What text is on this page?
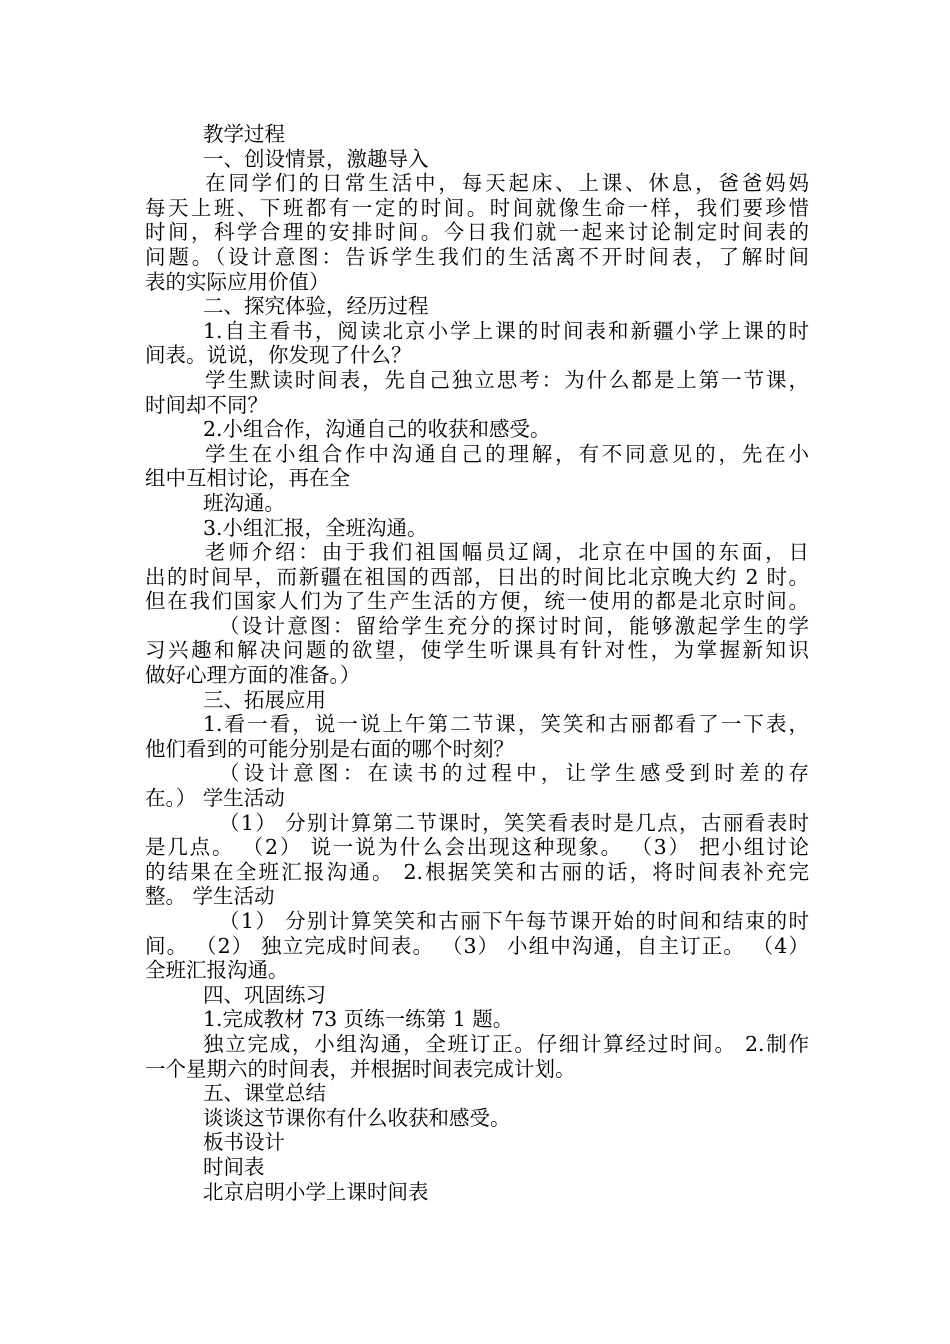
教学过程
一、创设情景，激趣导入
在同学们的日常生活中，每天起床、上课、休息，爸爸妈妈
每天上班、下班都有一定的时间。时间就像生命一样，我们要珍惜
时间，科学合理的安排时间。今日我们就一起来讨论制定时间表的
问题。（设计意图：告诉学生我们的生活离不开时间表，了解时间
表的实际应用价值）
二、探究体验，经历过程
1.自主看书，阅读北京小学上课的时间表和新疆小学上课的时
间表。说说，你发现了什么？
学生默读时间表，先自己独立思考：为什么都是上第一节课，
时间却不同？
2.小组合作，沟通自己的收获和感受。
学生在小组合作中沟通自己的理解，有不同意见的，先在小
组中互相讨论，再在全
班沟通。
3.小组汇报，全班沟通。
老师介绍：由于我们祖国幅员辽阔，北京在中国的东面，日
出的时间早，而新疆在祖国的西部，日出的时间比北京晚大约 2 时。
但在我们国家人们为了生产生活的方便，统一使用的都是北京时间。
（设计意图：留给学生充分的探讨时间，能够激起学生的学
习兴趣和解决问题的欲望，使学生听课具有针对性，为掌握新知识
做好心理方面的准备。）
三、拓展应用
1.看一看，说一说上午第二节课，笑笑和古丽都看了一下表，
他们看到的可能分别是右面的哪个时刻？
（设计意图：在读书的过程中，让学生感受到时差的存
在。） 学生活动
（1） 分别计算第二节课时，笑笑看表时是几点，古丽看表时
是几点。 （2） 说一说为什么会出现这种现象。 （3） 把小组讨论
的结果在全班汇报沟通。 2.根据笑笑和古丽的话，将时间表补充完
整。 学生活动
（1） 分别计算笑笑和古丽下午每节课开始的时间和结束的时
间。 （2） 独立完成时间表。 （3） 小组中沟通，自主订正。 （4）
全班汇报沟通。
四、巩固练习
1.完成教材 73 页练一练第 1 题。
独立完成，小组沟通，全班订正。仔细计算经过时间。 2.制作
一个星期六的时间表，并根据时间表完成计划。
五、课堂总结
谈谈这节课你有什么收获和感受。
板书设计
时间表
北京启明小学上课时间表
